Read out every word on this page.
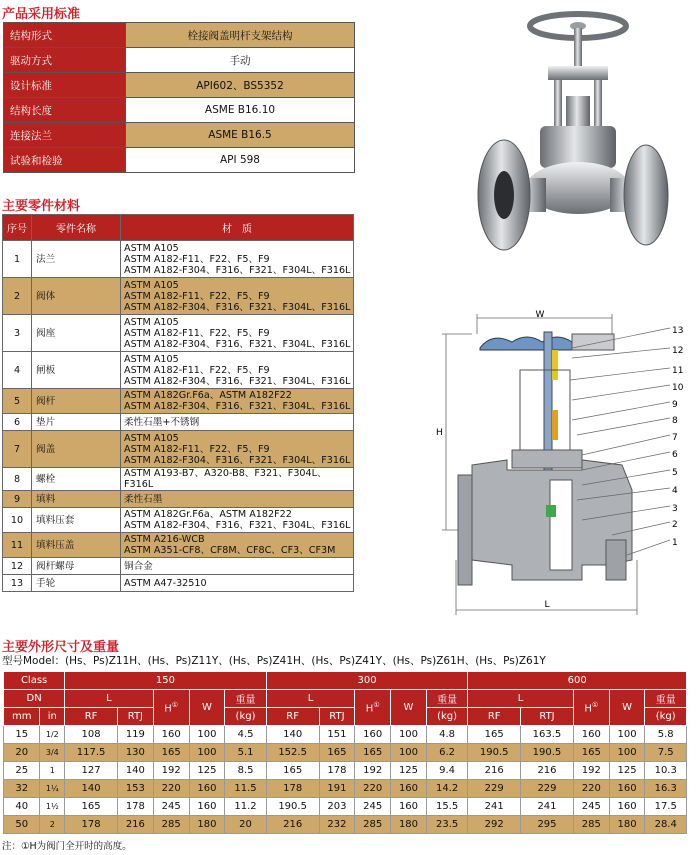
产品采用标准
结构形式	栓接阀盖明杆支架结构
驱动方式	手动
设计标准	API602、BS5352
结构长度	ASME B16.10
连接法兰	ASME B16.5
试验和检验	API 598
主要零件材料
序号	零件名称	材　质
1	法兰	ASTM A105
ASTM A182-F11、F22、F5、F9
ASTM A182-F304、F316、F321、F304L、F316L

2	阀体	ASTM A105
ASTM A182-F11、F22、F5、F9
ASTM A182-F304、F316、F321、F304L、F316L

3	阀座	ASTM A105
ASTM A182-F11、F22、F5、F9
ASTM A182-F304、F316、F321、F304L、F316L

4	闸板	ASTM A105
ASTM A182-F11、F22、F5、F9
ASTM A182-F304、F316、F321、F304L、F316L

5	阀杆	ASTM A182Gr.F6a、ASTM A182F22
ASTM A182-F304、F316、F321、F304L、F316L

6	垫片	柔性石墨+不锈钢

7	阀盖	ASTM A105
ASTM A182-F11、F22、F5、F9
ASTM A182-F304、F316、F321、F304L、F316L

8	螺栓	ASTM A193-B7、A320-B8、F321、F304L、F316L

9	填料	柔性石墨

10	填料压套	ASTM A182Gr.F6a、ASTM A182F22
ASTM A182-F304、F316、F321、F304L、F316L

11	填料压盖	ASTM A216-WCB
ASTM A351-CF8、CF8M、CF8C、CF3、CF3M

12	阀杆螺母	铜合金

13	手轮	ASTM A47-32510
W
H
L
13
12
11
10
9
8
7
6
5
4
3
2
1
主要外形尺寸及重量
型号Model：(Hs、Ps)Z11H、(Hs、Ps)Z11Y、(Hs、Ps)Z41H、(Hs、Ps)Z41Y、(Hs、Ps)Z61H、(Hs、Ps)Z61Y
Class		150					300					600				
DN		L		H①	W	重量	L		H①	W	重量	L		H①	W	重量
mm	in	RF	RTJ			(kg)	RF	RTJ			(kg)	RF	RTJ			(kg)
15	1/2	108	119	160	100	4.5	140	151	160	100	4.8	165	163.5	160	100	5.8
20	3/4	117.5	130	165	100	5.1	152.5	165	165	100	6.2	190.5	190.5	165	100	7.5
25	1	127	140	192	125	8.5	165	178	192	125	9.4	216	216	192	125	10.3
32	1¼	140	153	220	160	11.5	178	191	220	160	14.2	229	229	220	160	16.3
40	1½	165	178	245	160	11.2	190.5	203	245	160	15.5	241	241	245	160	17.5
50	2	178	216	285	180	20	216	232	285	180	23.5	292	295	285	180	28.4
注：①H为阀门全开时的高度。
